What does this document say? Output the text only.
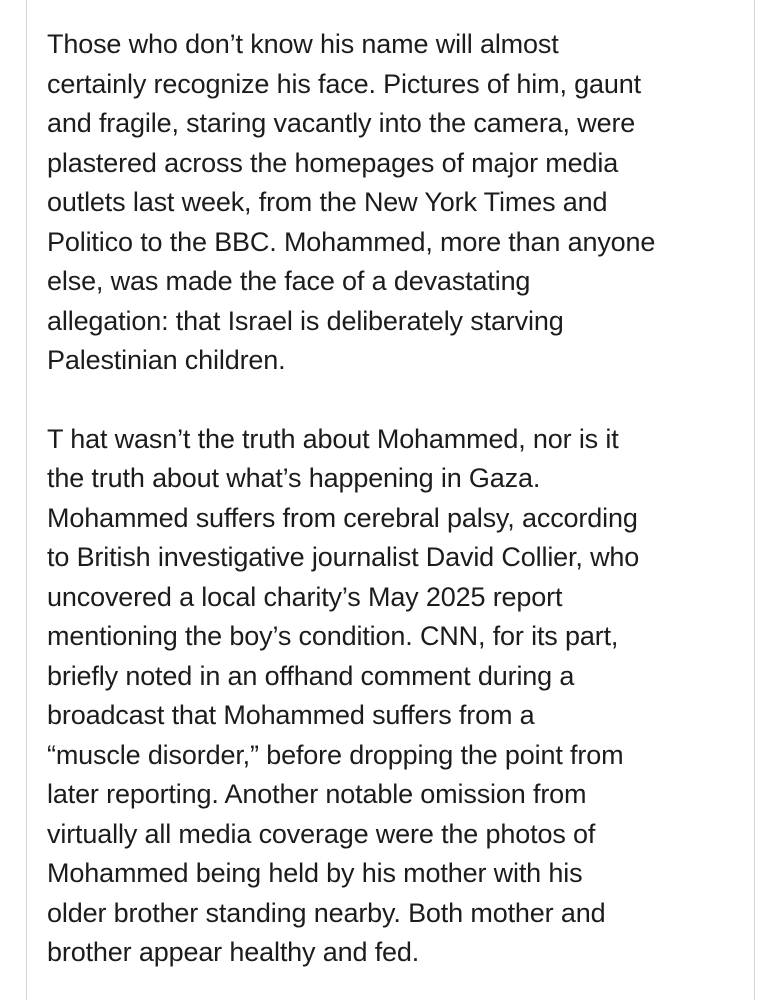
Those who don’t know his name will almost
certainly recognize his face. Pictures of him, gaunt
and fragile, staring vacantly into the camera, were
plastered across the homepages of major media
outlets last week, from the New York Times and
Politico to the BBC. Mohammed, more than anyone
else, was made the face of a devastating
allegation: that Israel is deliberately starving
Palestinian children.

T hat wasn’t the truth about Mohammed, nor is it
the truth about what’s happening in Gaza.
Mohammed suffers from cerebral palsy, according
to British investigative journalist David Collier, who
uncovered a local charity’s May 2025 report
mentioning the boy’s condition. CNN, for its part,
briefly noted in an offhand comment during a
broadcast that Mohammed suffers from a
“muscle disorder,” before dropping the point from
later reporting. Another notable omission from
virtually all media coverage were the photos of
Mohammed being held by his mother with his
older brother standing nearby. Both mother and
brother appear healthy and fed.
